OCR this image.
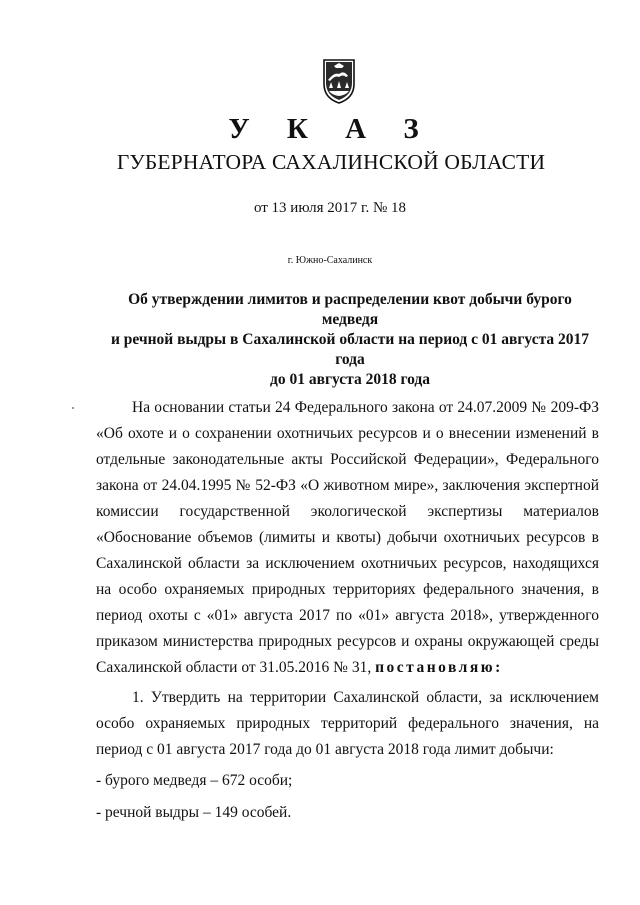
У К А З
ГУБЕРНАТОРА САХАЛИНСКОЙ ОБЛАСТИ
от 13 июля 2017 г. № 18
г. Южно-Сахалинск
Об утверждении лимитов и распределении квот добычи бурого медведя
и речной выдры в Сахалинской области на период с 01 августа 2017 года
до 01 августа 2018 года

На основании статьи 24 Федерального закона от 24.07.2009 № 209-ФЗ «Об охоте и о сохранении охотничьих ресурсов и о внесении изменений в отдельные законодательные акты Российской Федерации», Федерального закона от 24.04.1995 № 52-ФЗ «О животном мире», заключения экспертной комиссии государственной экологической экспертизы материалов «Обоснование объемов (лимиты и квоты) добычи охотничьих ресурсов в Сахалинской области за исключением охотничьих ресурсов, находящихся на особо охраняемых природных территориях федерального значения, в период охоты с «01» августа 2017 по «01» августа 2018», утвержденного приказом министерства природных ресурсов и охраны окружающей среды Сахалинской области от 31.05.2016 № 31, постановляю:

1. Утвердить на территории Сахалинской области, за исключением особо охраняемых природных территорий федерального значения, на период с 01 августа 2017 года до 01 августа 2018 года лимит добычи:

- бурого медведя – 672 особи;

- речной выдры – 149 особей.
